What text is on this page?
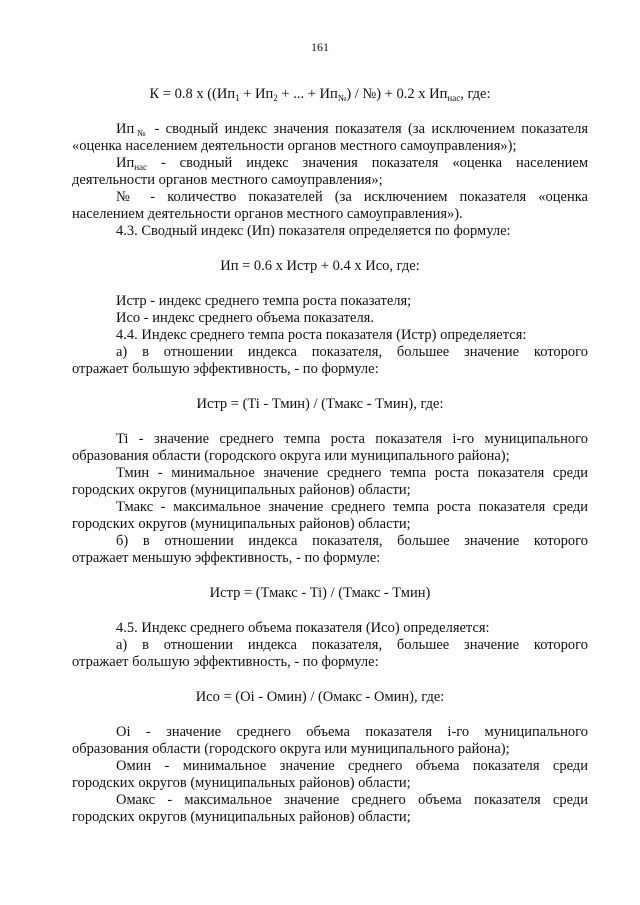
161
К = 0.8 х (($Ип_1 + Ип_2$ + ... + $Ип_№$) / №) + 0.2 х $Ип_{нас}$, где:
$Ип_№$ - сводный индекс значения показателя (за исключением показателя
«оценка населением деятельности органов местного самоуправления»);
$Ип_{нас}$ - сводный индекс значения показателя «оценка населением
деятельности органов местного самоуправления»;
№ - количество показателей (за исключением показателя «оценка
населением деятельности органов местного самоуправления»).
4.3. Сводный индекс (Ип) показателя определяется по формуле:
Ип = 0.6 х Истр + 0.4 х Исо, где:
Истр - индекс среднего темпа роста показателя;
Исо - индекс среднего объема показателя.
4.4. Индекс среднего темпа роста показателя (Истр) определяется:
а) в отношении индекса показателя, большее значение которого
отражает большую эффективность, - по формуле:
Истр = (Ti - Тмин) / (Тмакс - Тмин), где:
Ti - значение среднего темпа роста показателя i-го муниципального
образования области (городского округа или муниципального района);
Тмин - минимальное значение среднего темпа роста показателя среди
городских округов (муниципальных районов) области;
Тмакс - максимальное значение среднего темпа роста показателя среди
городских округов (муниципальных районов) области;
б) в отношении индекса показателя, большее значение которого
отражает меньшую эффективность, - по формуле:
Истр = (Тмакс - Ti) / (Тмакс - Тмин)
4.5. Индекс среднего объема показателя (Исо) определяется:
а) в отношении индекса показателя, большее значение которого
отражает большую эффективность, - по формуле:
Исо = (Oi - Омин) / (Омакс - Омин), где:
Oi - значение среднего объема показателя i-го муниципального
образования области (городского округа или муниципального района);
Омин - минимальное значение среднего объема показателя среди
городских округов (муниципальных районов) области;
Омакс - максимальное значение среднего объема показателя среди
городских округов (муниципальных районов) области;
